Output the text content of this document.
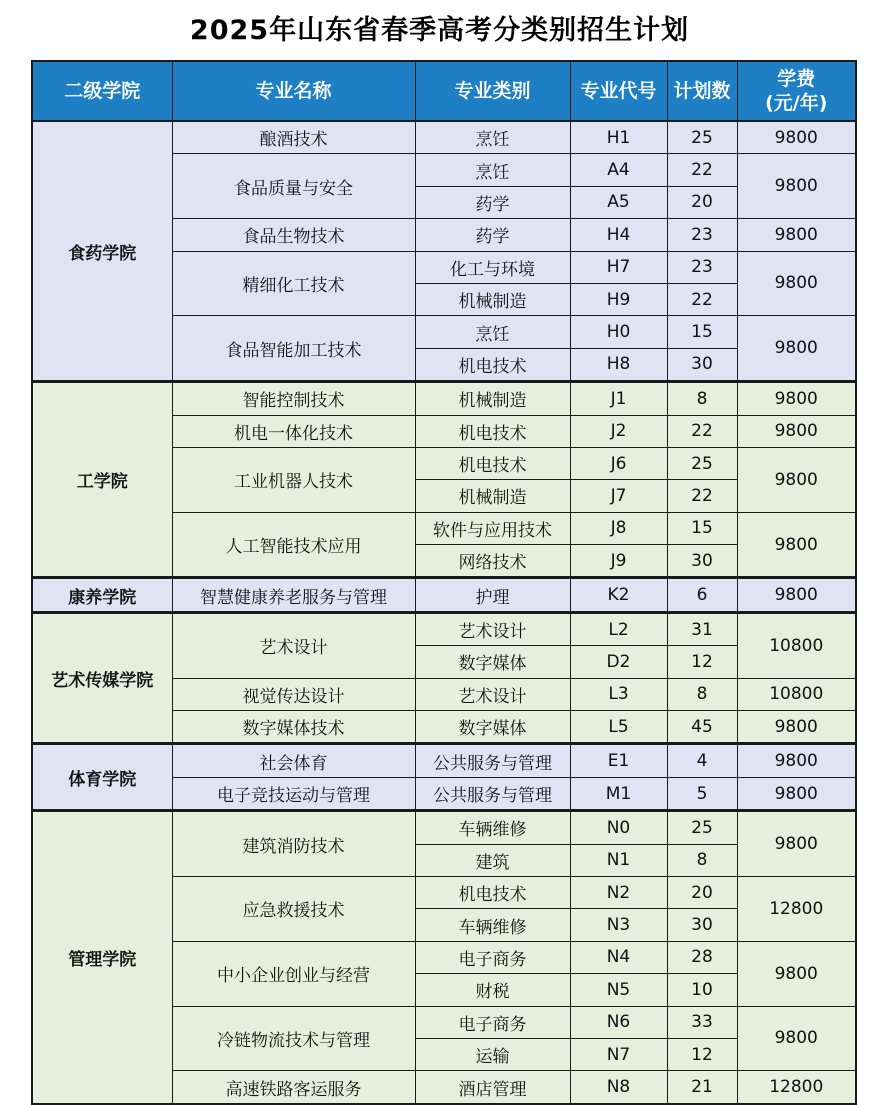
2025年山东省春季高考分类别招生计划
二级学院	专业名称	专业类别	专业代号	计划数	学费
(元/年)

食药学院	酿酒技术	烹饪	H1	25	9800
	食品质量与安全	烹饪	A4	22	9800
		药学	A5	20	
	食品生物技术	药学	H4	23	9800
	精细化工技术	化工与环境	H7	23	9800
		机械制造	H9	22	
	食品智能加工技术	烹饪	H0	15	9800
		机电技术	H8	30	
工学院	智能控制技术	机械制造	J1	8	9800
	机电一体化技术	机电技术	J2	22	9800
	工业机器人技术	机电技术	J6	25	9800
		机械制造	J7	22	
	人工智能技术应用	软件与应用技术	J8	15	9800
		网络技术	J9	30	
康养学院	智慧健康养老服务与管理	护理	K2	6	9800
艺术传媒学院	艺术设计	艺术设计	L2	31	10800
		数字媒体	D2	12	
	视觉传达设计	艺术设计	L3	8	10800
	数字媒体技术	数字媒体	L5	45	9800
体育学院	社会体育	公共服务与管理	E1	4	9800
	电子竞技运动与管理	公共服务与管理	M1	5	9800
管理学院	建筑消防技术	车辆维修	N0	25	9800
		建筑	N1	8	
	应急救援技术	机电技术	N2	20	12800
		车辆维修	N3	30	
	中小企业创业与经营	电子商务	N4	28	9800
		财税	N5	10	
	冷链物流技术与管理	电子商务	N6	33	9800
		运输	N7	12	
	高速铁路客运服务	酒店管理	N8	21	12800
